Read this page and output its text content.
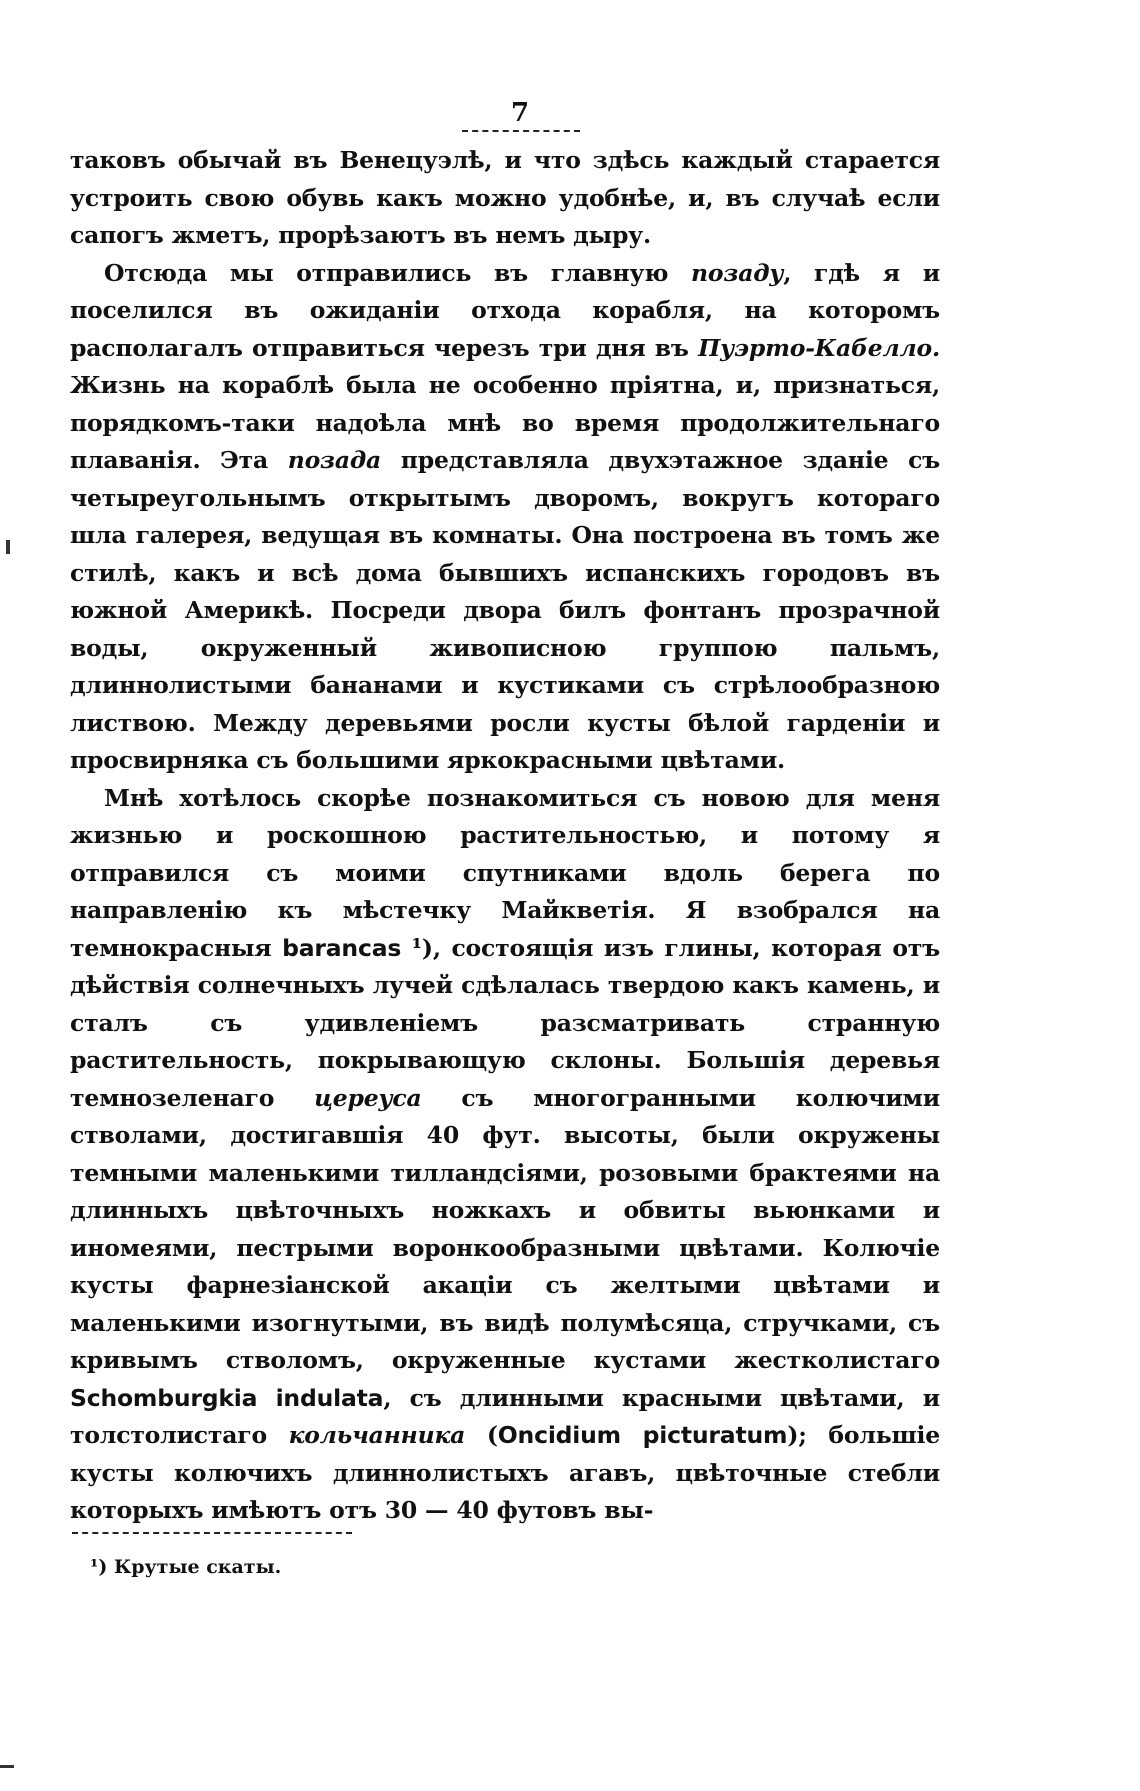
7

таковъ обычай въ Венецуэлѣ, и что здѣсь каждый старается устроить свою обувь какъ можно удобнѣе, и, въ случаѣ если сапогъ жметъ, прорѣзаютъ въ немъ дыру.

Отсюда мы отправились въ главную позаду, гдѣ я и поселился въ ожиданіи отхода корабля, на которомъ располагалъ отправиться черезъ три дня въ Пуэрто-Кабелло. Жизнь на кораблѣ была не особенно пріятна, и, признаться, порядкомъ-таки надоѣла мнѣ во время продолжительнаго плаванія. Эта позада представляла двухэтажное зданіе съ четыреугольнымъ открытымъ дворомъ, вокругъ котораго шла галерея, ведущая въ комнаты. Она построена въ томъ же стилѣ, какъ и всѣ дома бывшихъ испанскихъ городовъ въ южной Америкѣ. Посреди двора билъ фонтанъ прозрачной воды, окруженный живописною группою пальмъ, длиннолистыми бананами и кустиками съ стрѣлообразною листвою. Между деревьями росли кусты бѣлой гарденіи и просвирняка съ большими яркокрасными цвѣтами.

Мнѣ хотѣлось скорѣе познакомиться съ новою для меня жизнью и роскошною растительностью, и потому я отправился съ моими спутниками вдоль берега по направленію къ мѣстечку Майкветія. Я взобрался на темнокрасныя barancas ¹), состоящія изъ глины, которая отъ дѣйствія солнечныхъ лучей сдѣлалась твердою какъ камень, и сталъ съ удивленіемъ разсматривать странную растительность, покрывающую склоны. Большія деревья темнозеленаго цереуса съ многогранными колючими стволами, достигавшія 40 фут. высоты, были окружены темными маленькими тилландсіями, розовыми брактеями на длинныхъ цвѣточныхъ ножкахъ и обвиты вьюнками и иномеями, пестрыми воронкообразными цвѣтами. Колючіе кусты фарнезіанской акаціи съ желтыми цвѣтами и маленькими изогнутыми, въ видѣ полумѣсяца, стручками, съ кривымъ стволомъ, окруженные кустами жестколистаго Schomburgkia indulata, съ длинными красными цвѣтами, и толстолистаго кольчанника (Oncidium picturatum); большіе кусты колючихъ длиннолистыхъ агавъ, цвѣточные стебли которыхъ имѣютъ отъ 30 — 40 футовъ вы-

¹) Крутые скаты.
